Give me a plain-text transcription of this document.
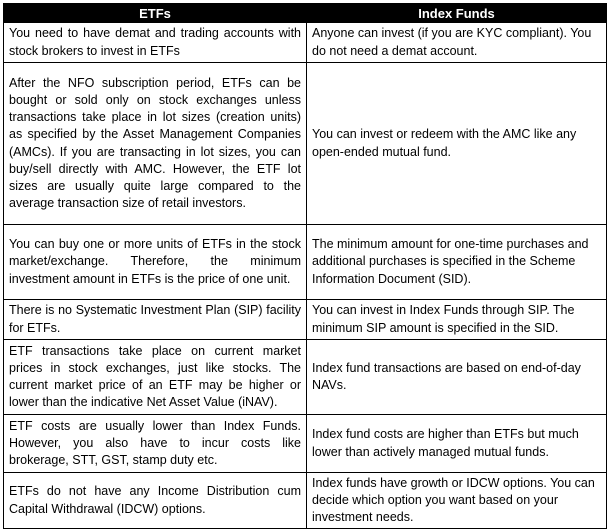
ETFs	Index Funds
You need to have demat and trading accounts with stock brokers to invest in ETFs	Anyone can invest (if you are KYC compliant). You do not need a demat account.
After the NFO subscription period, ETFs can be bought or sold only on stock exchanges unless transactions take place in lot sizes (creation units) as specified by the Asset Management Companies (AMCs). If you are transacting in lot sizes, you can buy/sell directly with AMC. However, the ETF lot sizes are usually quite large compared to the average transaction size of retail investors.	You can invest or redeem with the AMC like any open-ended mutual fund.
You can buy one or more units of ETFs in the stock market/exchange. Therefore, the minimum investment amount in ETFs is the price of one unit.	The minimum amount for one-time purchases and additional purchases is specified in the Scheme Information Document (SID).
There is no Systematic Investment Plan (SIP) facility for ETFs.	You can invest in Index Funds through SIP. The minimum SIP amount is specified in the SID.
ETF transactions take place on current market prices in stock exchanges, just like stocks. The current market price of an ETF may be higher or lower than the indicative Net Asset Value (iNAV).	Index fund transactions are based on end-of-day NAVs.
ETF costs are usually lower than Index Funds. However, you also have to incur costs like brokerage, STT, GST, stamp duty etc.	Index fund costs are higher than ETFs but much lower than actively managed mutual funds.
ETFs do not have any Income Distribution cum Capital Withdrawal (IDCW) options.	Index funds have growth or IDCW options. You can decide which option you want based on your investment needs.
